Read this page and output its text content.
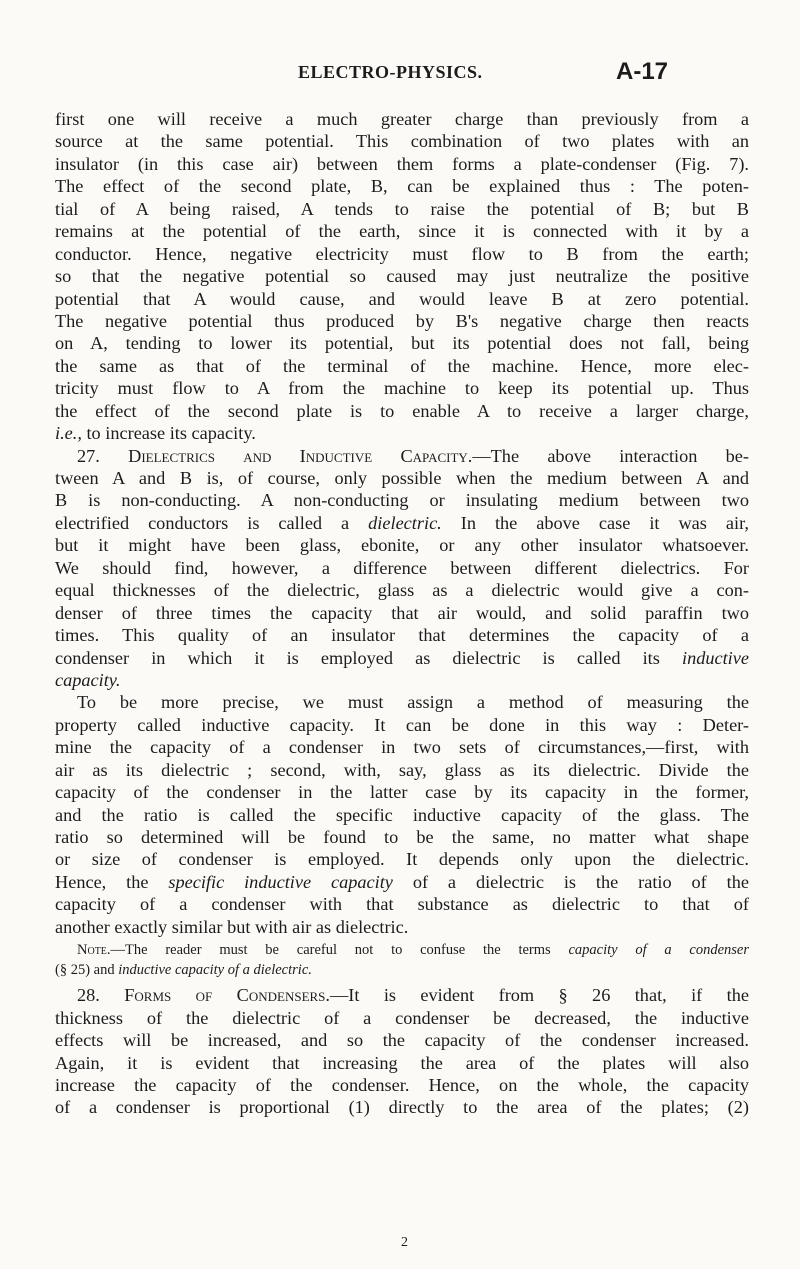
ELECTRO-PHYSICS.	A-17
first one will receive a much greater charge than previously from a
source at the same potential. This combination of two plates with an
insulator (in this case air) between them forms a plate-condenser (Fig. 7).
The effect of the second plate, B, can be explained thus : The poten-
tial of A being raised, A tends to raise the potential of B; but B
remains at the potential of the earth, since it is connected with it by a
conductor. Hence, negative electricity must flow to B from the earth;
so that the negative potential so caused may just neutralize the positive
potential that A would cause, and would leave B at zero potential.
The negative potential thus produced by B's negative charge then reacts
on A, tending to lower its potential, but its potential does not fall, being
the same as that of the terminal of the machine. Hence, more elec-
tricity must flow to A from the machine to keep its potential up. Thus
the effect of the second plate is to enable A to receive a larger charge,
i.e., to increase its capacity.
27. Dielectrics and Inductive Capacity.—The above interaction be-
tween A and B is, of course, only possible when the medium between A and
B is non-conducting. A non-conducting or insulating medium between two
electrified conductors is called a dielectric. In the above case it was air,
but it might have been glass, ebonite, or any other insulator whatsoever.
We should find, however, a difference between different dielectrics. For
equal thicknesses of the dielectric, glass as a dielectric would give a con-
denser of three times the capacity that air would, and solid paraffin two
times. This quality of an insulator that determines the capacity of a
condenser in which it is employed as dielectric is called its inductive
capacity.
To be more precise, we must assign a method of measuring the
property called inductive capacity. It can be done in this way : Deter-
mine the capacity of a condenser in two sets of circumstances,—first, with
air as its dielectric ; second, with, say, glass as its dielectric. Divide the
capacity of the condenser in the latter case by its capacity in the former,
and the ratio is called the specific inductive capacity of the glass. The
ratio so determined will be found to be the same, no matter what shape
or size of condenser is employed. It depends only upon the dielectric.
Hence, the specific inductive capacity of a dielectric is the ratio of the
capacity of a condenser with that substance as dielectric to that of
another exactly similar but with air as dielectric.
Note.—The reader must be careful not to confuse the terms capacity of a condenser
(§ 25) and inductive capacity of a dielectric.
28. Forms of Condensers.—It is evident from § 26 that, if the
thickness of the dielectric of a condenser be decreased, the inductive
effects will be increased, and so the capacity of the condenser increased.
Again, it is evident that increasing the area of the plates will also
increase the capacity of the condenser. Hence, on the whole, the capacity
of a condenser is proportional (1) directly to the area of the plates; (2)
2
